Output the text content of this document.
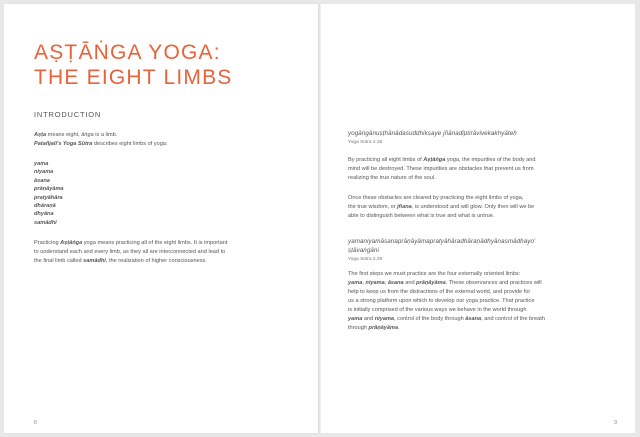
AṢṬĀṄGA YOGA:
THE EIGHT LIMBS
INTRODUCTION
Aṣṭa means eight, āṅga is a limb.
Patañjali's Yoga Sūtra describes eight limbs of yoga:
yama
niyama
āsana
prāṇāyāma
pratyāhāra
dhāraṇā
dhyāna
samādhi
Practicing Aṣṭāṅga yoga means practicing all of the eight limbs. It is important
to understand each and every limb, as they all are interconnected and lead to
the final limb called samādhi, the realization of higher consciousness.
8
yogāṅgānuṣṭhānādaśuddhikṣaye jñānadīptirāvivekakhyāteḥ
Yoga Sūtra 2.28
By practicing all eight limbs of Aṣṭāṅga yoga, the impurities of the body and
mind will be destroyed. These impurities are obstacles that prevent us from
realizing the true nature of the soul.
Once these obstacles are cleared by practicing the eight limbs of yoga,
the true wisdom, or jñana, is understood and will glow. Only then will we be
able to distinguish between what is true and what is untrue.
yamaniyamāsanaprāṇāyāmapratyāhāradhāraṇādhyānasmādhayo'
ṣṭāvaṅgāni
Yoga Sūtra 2.29
The first steps we must practice are the four externally oriented limbs:
yama, niyama, āsana and prāṇāyāma. These observances and practices will
help to keep us from the distractions of the external world, and provide for
us a strong platform upon which to develop our yoga practice. That practice
is initially comprised of the various ways we behave in the world through
yama and niyama, control of the body through āsana, and control of the breath
through prāṇāyāma.
9
